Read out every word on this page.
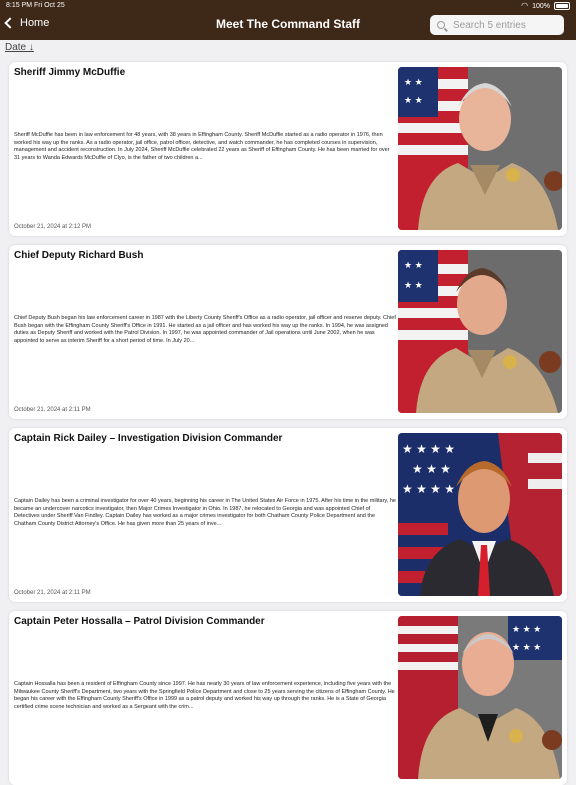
8:15 PM Fri Oct 25	◠ 100%
Home	Meet The Command Staff
Search 5 entries
Date ↓
Sheriff Jimmy McDuffie
Sheriff McDuffie has been in law enforcement for 48 years, with 38 years in Effingham County. Sheriff McDuffie started as a radio operator in 1976, then worked his way up the ranks. As a radio operator, jail office, patrol officer, detective, and watch commander, he has completed courses in supervision, management and accident reconstruction. In July 2024, Sheriff McDuffie celebrated 22 years as Sheriff of Effingham County. He has been married for over 31 years to Wanda Edwards McDuffie of Clyo, is the father of two children a...
October 21, 2024 at 2:12 PM
★ ★
★ ★
Chief Deputy Richard Bush
Chief Deputy Bush began his law enforcement career in 1987 with the Liberty County Sheriff's Office as a radio operator, jail officer and reserve deputy. Chief Bush began with the Effingham County Sheriff's Office in 1991. He started as a jail officer and has worked his way up the ranks. In 1994, he was assigned duties as Deputy Sheriff and worked with the Patrol Division. In 1997, he was appointed commander of Jail operations until June 2002, when he was appointed to serve as interim Sheriff for a short period of time. In July 20...
October 21, 2024 at 2:11 PM
★ ★
★ ★
Captain Rick Dailey – Investigation Division Commander
Captain Dailey has been a criminal investigator for over 40 years, beginning his career in The United States Air Force in 1975. After his time in the military, he became an undercover narcotics investigator, then Major Crimes Investigator in Ohio. In 1987, he relocated to Georgia and was appointed Chief of Detectives under Sheriff Van Findley. Captain Dailey has worked as a major crimes investigator for both Chatham County Police Department and the Chatham County District Attorney's Office. He has given more than 25 years of inve...
October 21, 2024 at 2:11 PM
★ ★ ★ ★
★ ★ ★
★ ★ ★ ★
Captain Peter Hossalla – Patrol Division Commander
Captain Hossalla has been a resident of Effingham County since 1997. He has nearly 30 years of law enforcement experience, including five years with the Milwaukee County Sheriff's Department, two years with the Springfield Police Department and close to 25 years serving the citizens of Effingham County. He began his career with the Effingham County Sheriff's Office in 1999 as a patrol deputy and worked his way up through the ranks. He is a State of Georgia certified crime scene technician and worked as a Sergeant with the crim...
★ ★ ★
★ ★ ★
